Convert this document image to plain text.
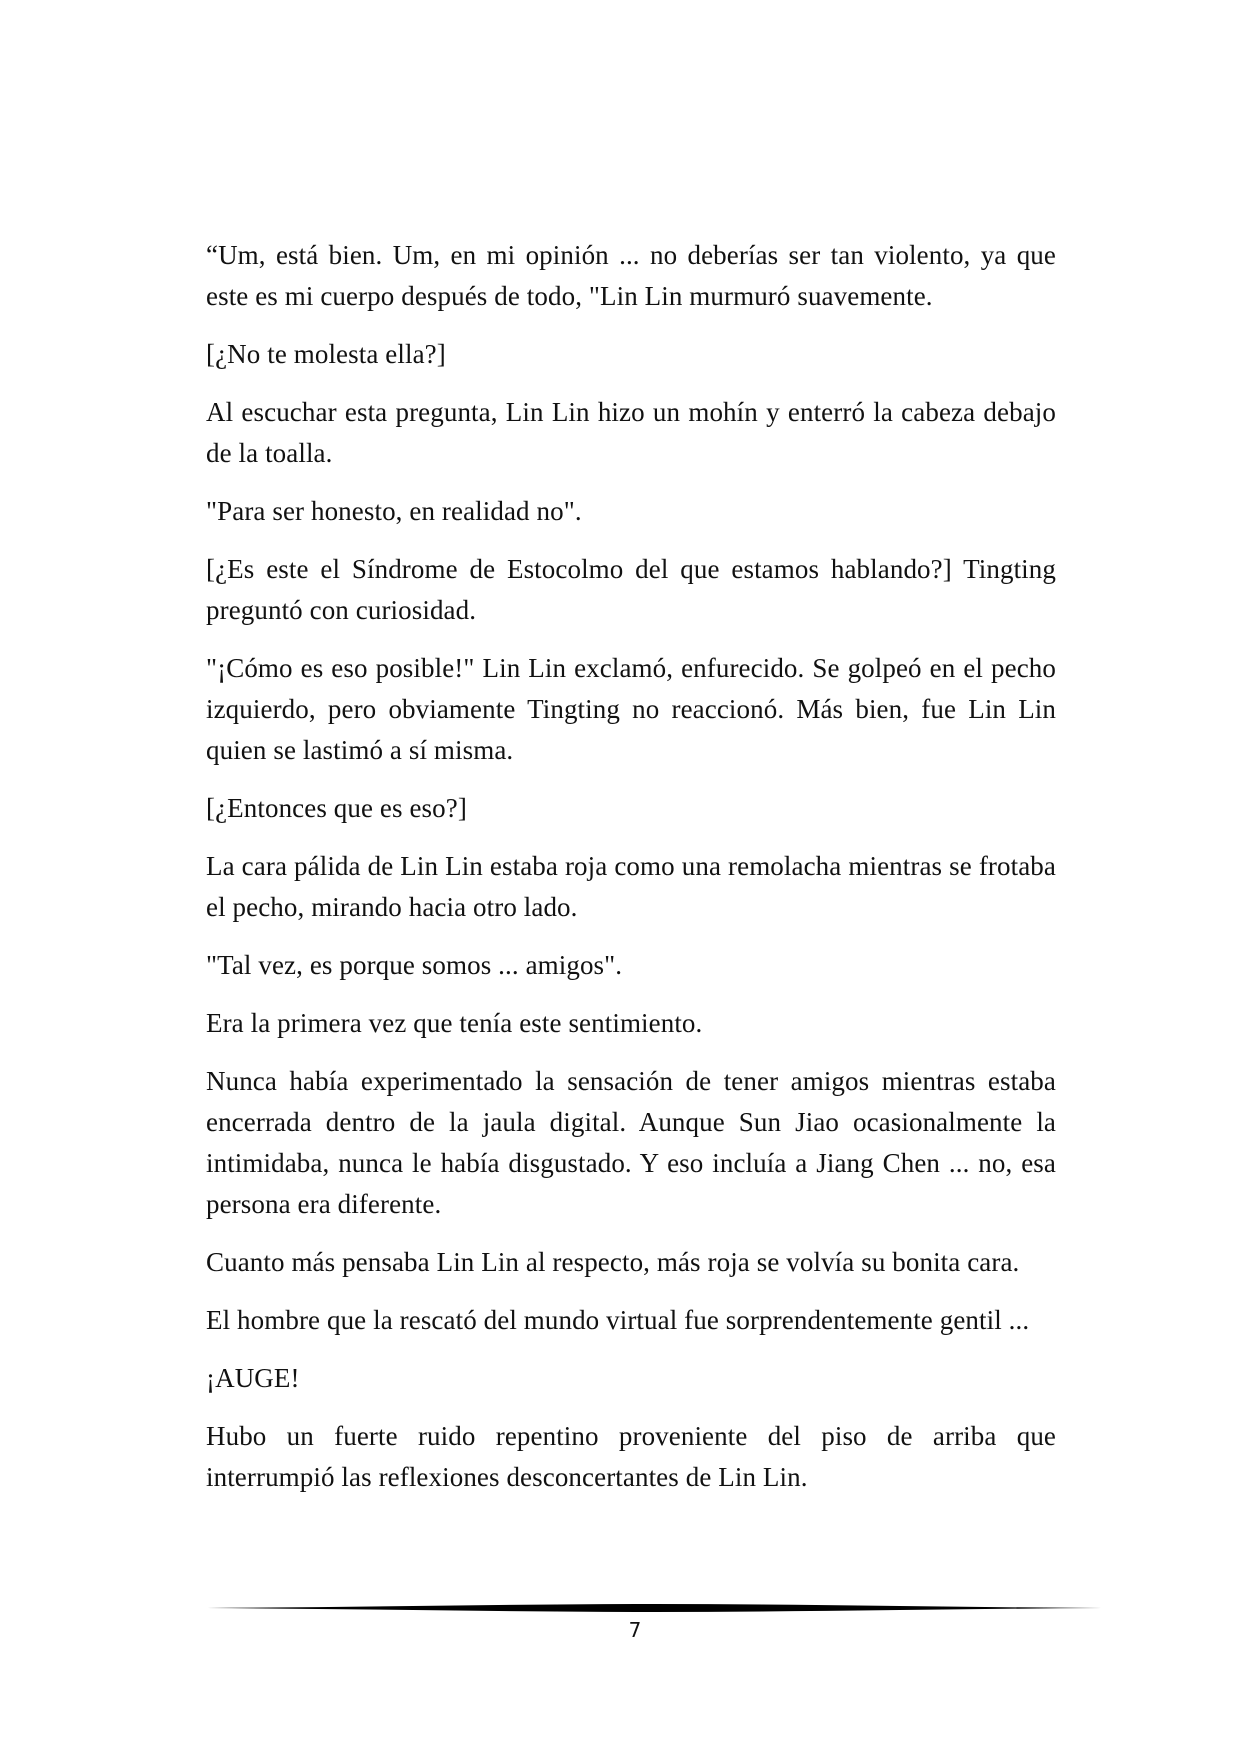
“Um, está bien. Um, en mi opinión ... no deberías ser tan violento, ya que este es mi cuerpo después de todo, "Lin Lin murmuró suavemente.

[¿No te molesta ella?]

Al escuchar esta pregunta, Lin Lin hizo un mohín y enterró la cabeza debajo de la toalla.

"Para ser honesto, en realidad no".

[¿Es este el Síndrome de Estocolmo del que estamos hablando?] Tingting preguntó con curiosidad.

"¡Cómo es eso posible!" Lin Lin exclamó, enfurecido. Se golpeó en el pecho izquierdo, pero obviamente Tingting no reaccionó. Más bien, fue Lin Lin quien se lastimó a sí misma.

[¿Entonces que es eso?]

La cara pálida de Lin Lin estaba roja como una remolacha mientras se frotaba el pecho, mirando hacia otro lado.

"Tal vez, es porque somos ... amigos".

Era la primera vez que tenía este sentimiento.

Nunca había experimentado la sensación de tener amigos mientras estaba encerrada dentro de la jaula digital. Aunque Sun Jiao ocasionalmente la intimidaba, nunca le había disgustado. Y eso incluía a Jiang Chen ... no, esa persona era diferente.

Cuanto más pensaba Lin Lin al respecto, más roja se volvía su bonita cara.

El hombre que la rescató del mundo virtual fue sorprendentemente gentil ...

¡AUGE!

Hubo un fuerte ruido repentino proveniente del piso de arriba que interrumpió las reflexiones desconcertantes de Lin Lin.

7
